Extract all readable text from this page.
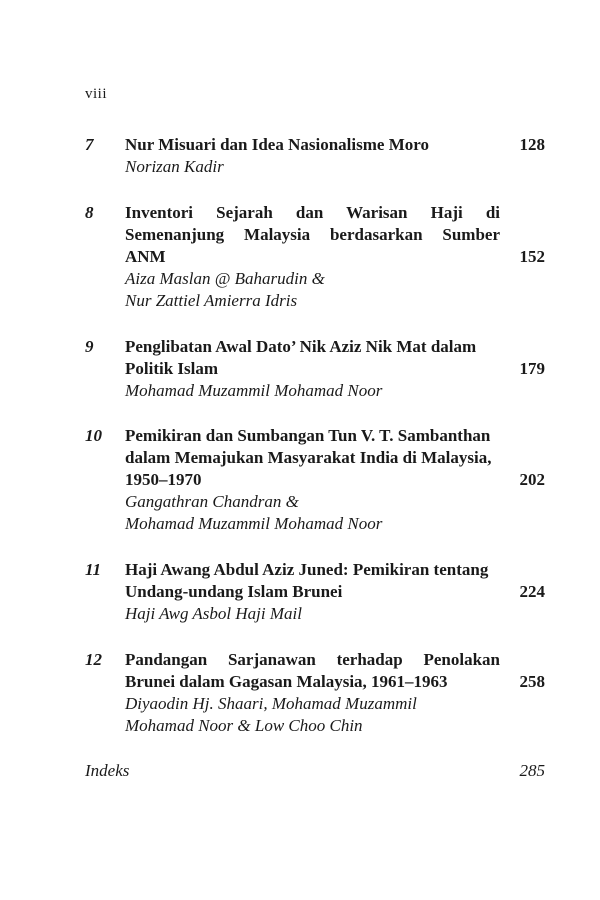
viii
7 Nur Misuari dan Idea Nasionalisme Moro
Norizan Kadir
128
8 Inventori Sejarah dan Warisan Haji di
Semenanjung Malaysia berdasarkan Sumber
ANM
Aiza Maslan @ Baharudin &
Nur Zattiel Amierra Idris
152
9 Penglibatan Awal Dato’ Nik Aziz Nik Mat dalam
Politik Islam
Mohamad Muzammil Mohamad Noor
179
10 Pemikiran dan Sumbangan Tun V. T. Sambanthan
dalam Memajukan Masyarakat India di Malaysia,
1950–1970
Gangathran Chandran &
Mohamad Muzammil Mohamad Noor
202
11 Haji Awang Abdul Aziz Juned: Pemikiran tentang
Undang-undang Islam Brunei
Haji Awg Asbol Haji Mail
224
12 Pandangan Sarjanawan terhadap Penolakan
Brunei dalam Gagasan Malaysia, 1961–1963
Diyaodin Hj. Shaari, Mohamad Muzammil
Mohamad Noor & Low Choo Chin
258
Indeks	285
